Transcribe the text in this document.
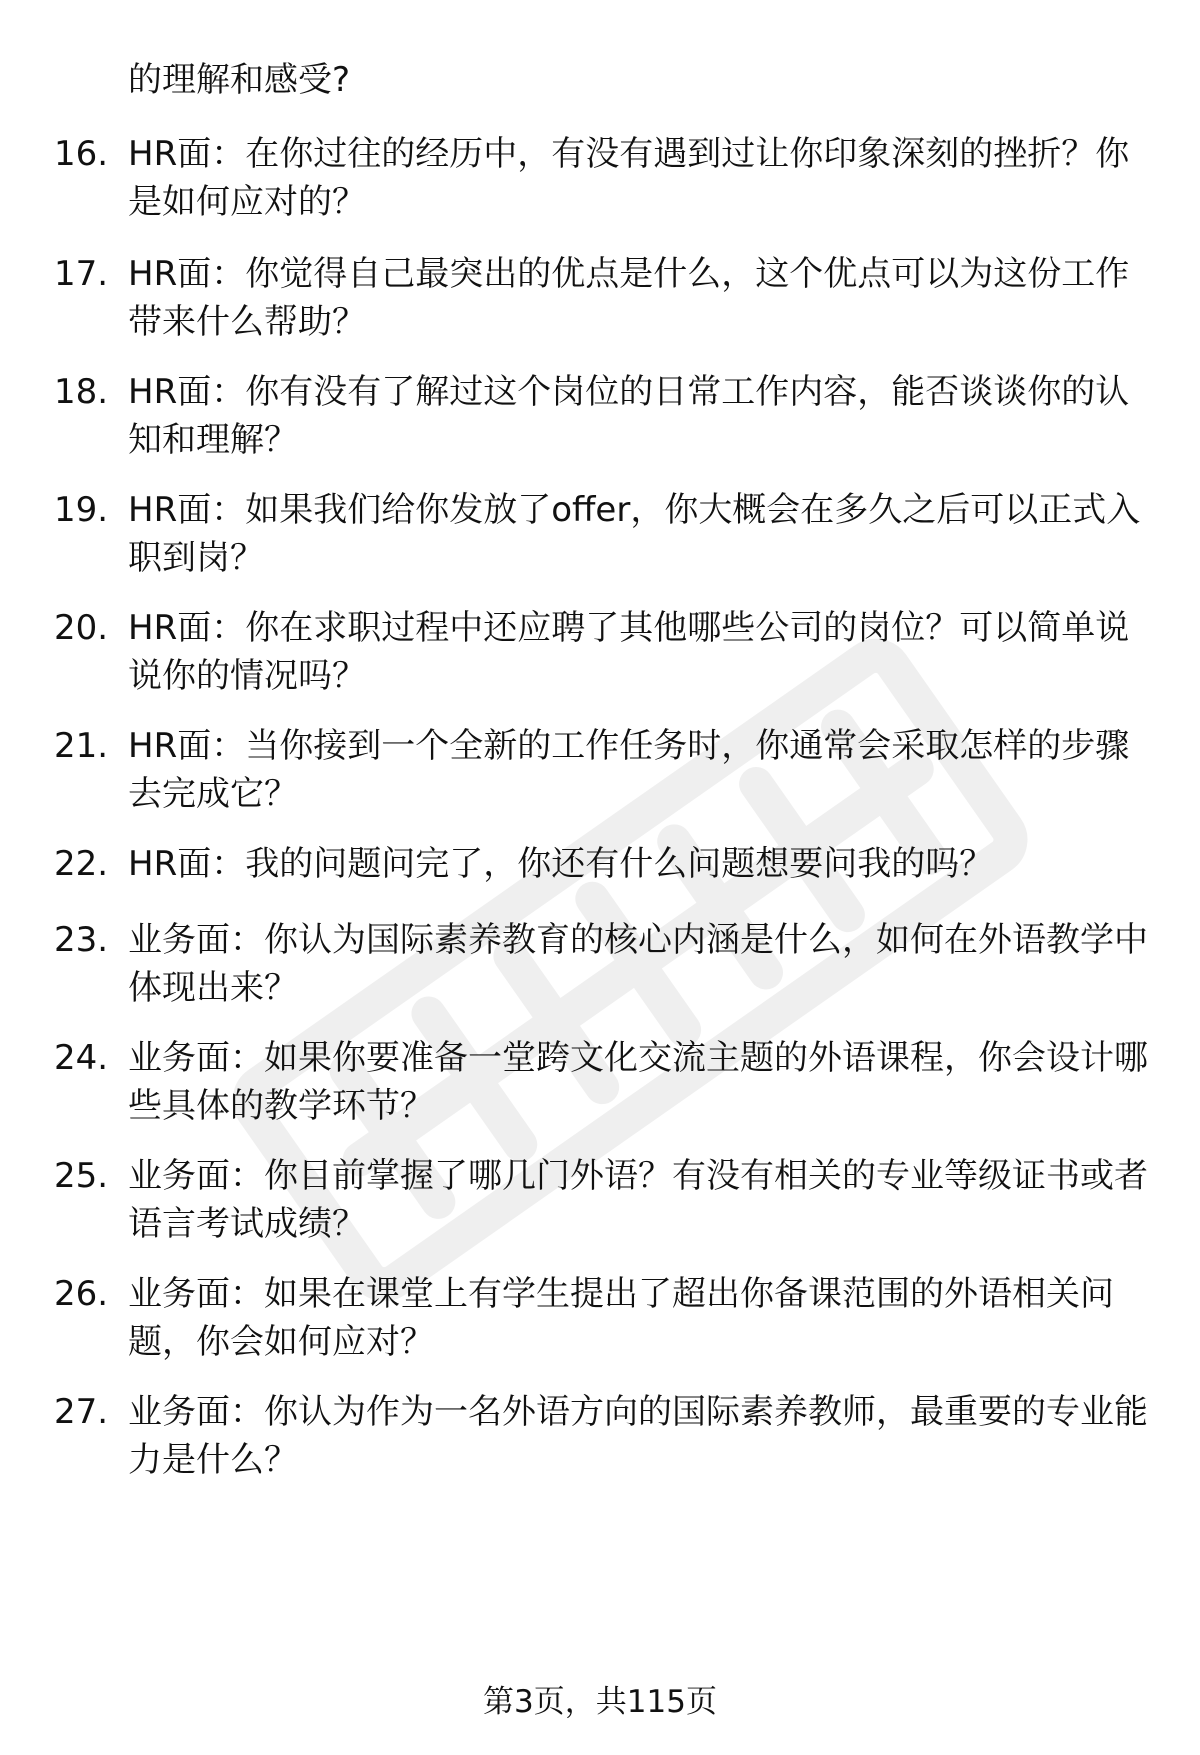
的理解和感受?
16. HR面：在你过往的经历中，有没有遇到过让你印象深刻的挫折？你是如何应对的？
17. HR面：你觉得自己最突出的优点是什么，这个优点可以为这份工作带来什么帮助？
18. HR面：你有没有了解过这个岗位的日常工作内容，能否谈谈你的认知和理解？
19. HR面：如果我们给你发放了offer，你大概会在多久之后可以正式入职到岗？
20. HR面：你在求职过程中还应聘了其他哪些公司的岗位？可以简单说说你的情况吗？
21. HR面：当你接到一个全新的工作任务时，你通常会采取怎样的步骤去完成它？
22. HR面：我的问题问完了，你还有什么问题想要问我的吗？
23. 业务面：你认为国际素养教育的核心内涵是什么，如何在外语教学中体现出来？
24. 业务面：如果你要准备一堂跨文化交流主题的外语课程，你会设计哪些具体的教学环节？
25. 业务面：你目前掌握了哪几门外语？有没有相关的专业等级证书或者语言考试成绩？
26. 业务面：如果在课堂上有学生提出了超出你备课范围的外语相关问题，你会如何应对？
27. 业务面：你认为作为一名外语方向的国际素养教师，最重要的专业能力是什么？
第3页，共115页
